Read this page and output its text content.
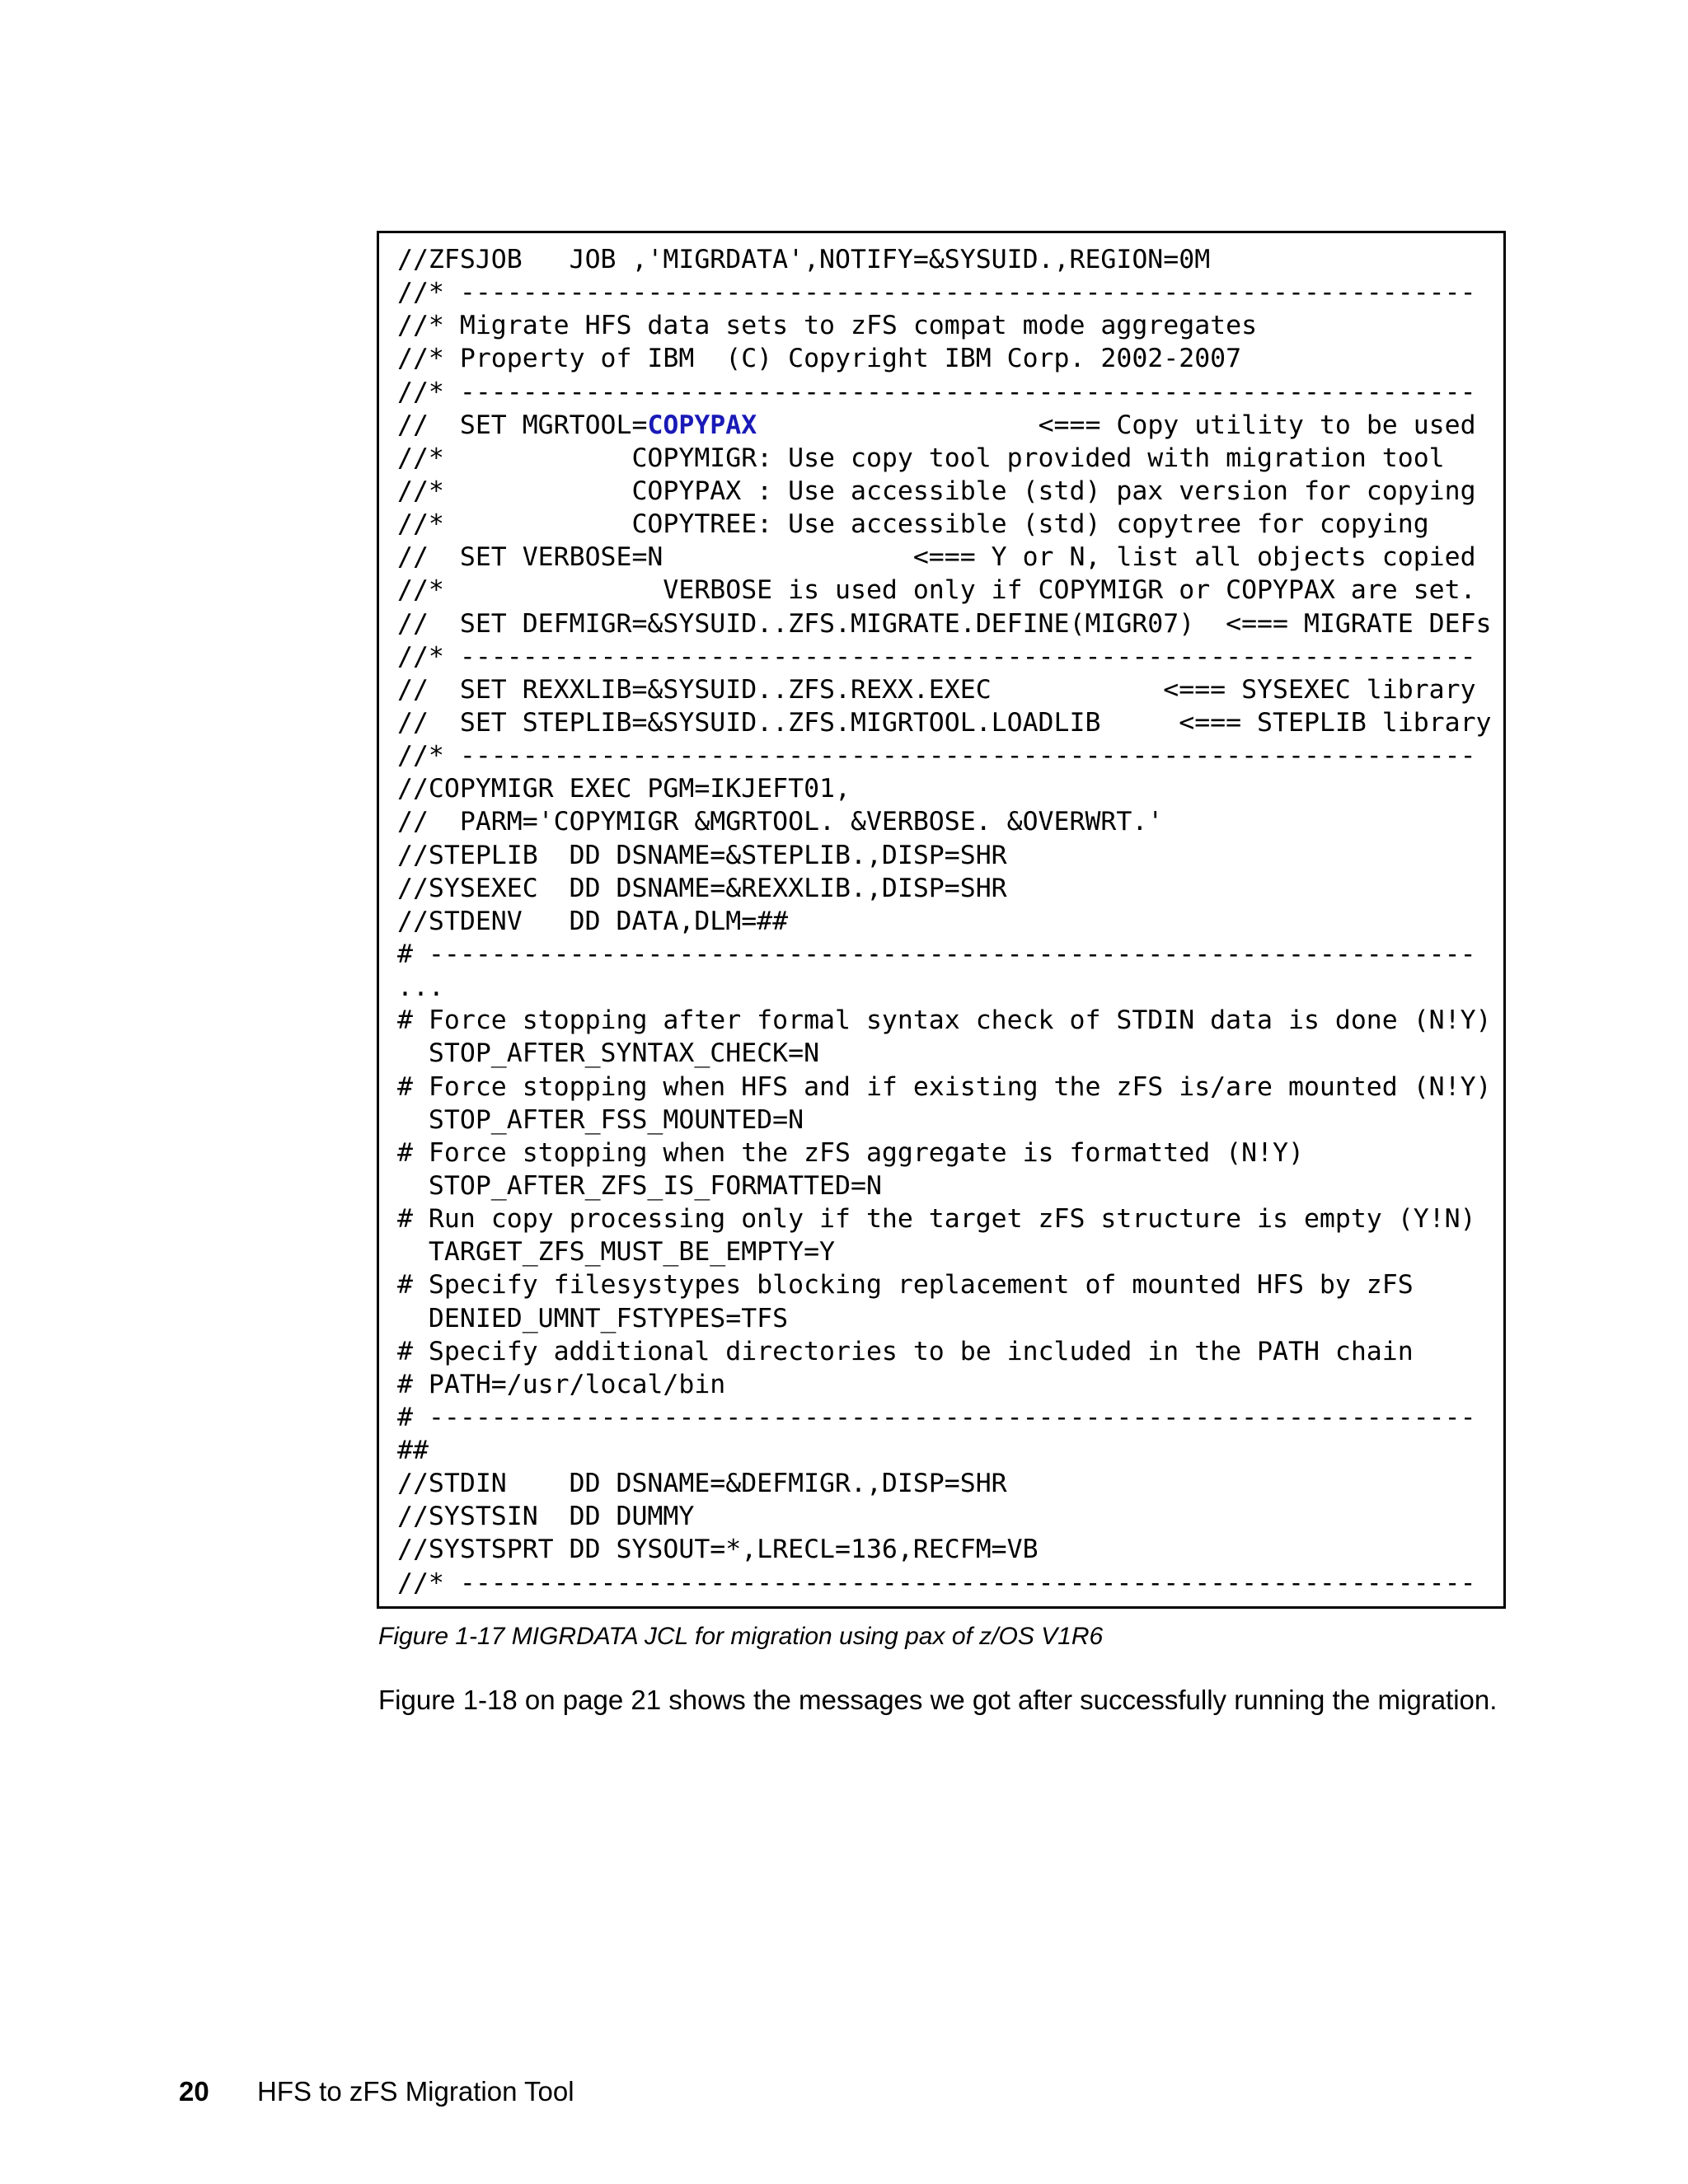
//ZFSJOB   JOB ,'MIGRDATA',NOTIFY=&SYSUID.,REGION=0M
//* -----------------------------------------------------------------
//* Migrate HFS data sets to zFS compat mode aggregates
//* Property of IBM  (C) Copyright IBM Corp. 2002-2007
//* -----------------------------------------------------------------
//  SET MGRTOOL=COPYPAX                  <=== Copy utility to be used
//*            COPYMIGR: Use copy tool provided with migration tool
//*            COPYPAX : Use accessible (std) pax version for copying
//*            COPYTREE: Use accessible (std) copytree for copying
//  SET VERBOSE=N                <=== Y or N, list all objects copied
//*              VERBOSE is used only if COPYMIGR or COPYPAX are set.
//  SET DEFMIGR=&SYSUID..ZFS.MIGRATE.DEFINE(MIGR07)  <=== MIGRATE DEFs
//* -----------------------------------------------------------------
//  SET REXXLIB=&SYSUID..ZFS.REXX.EXEC           <=== SYSEXEC library
//  SET STEPLIB=&SYSUID..ZFS.MIGRTOOL.LOADLIB     <=== STEPLIB library
//* -----------------------------------------------------------------
//COPYMIGR EXEC PGM=IKJEFT01,
//  PARM='COPYMIGR &MGRTOOL. &VERBOSE. &OVERWRT.'
//STEPLIB  DD DSNAME=&STEPLIB.,DISP=SHR
//SYSEXEC  DD DSNAME=&REXXLIB.,DISP=SHR
//STDENV   DD DATA,DLM=##
# -------------------------------------------------------------------
...
# Force stopping after formal syntax check of STDIN data is done (N!Y)
STOP_AFTER_SYNTAX_CHECK=N
# Force stopping when HFS and if existing the zFS is/are mounted (N!Y)
STOP_AFTER_FSS_MOUNTED=N
# Force stopping when the zFS aggregate is formatted (N!Y)
STOP_AFTER_ZFS_IS_FORMATTED=N
# Run copy processing only if the target zFS structure is empty (Y!N)
TARGET_ZFS_MUST_BE_EMPTY=Y
# Specify filesystypes blocking replacement of mounted HFS by zFS
DENIED_UMNT_FSTYPES=TFS
# Specify additional directories to be included in the PATH chain
# PATH=/usr/local/bin
# -------------------------------------------------------------------
##
//STDIN    DD DSNAME=&DEFMIGR.,DISP=SHR
//SYSTSIN  DD DUMMY
//SYSTSPRT DD SYSOUT=*,LRECL=136,RECFM=VB
//* -----------------------------------------------------------------
Figure 1-17 MIGRDATA JCL for migration using pax of z/OS V1R6
Figure 1-18 on page 21 shows the messages we got after successfully running the migration.
20 HFS to zFS Migration Tool
